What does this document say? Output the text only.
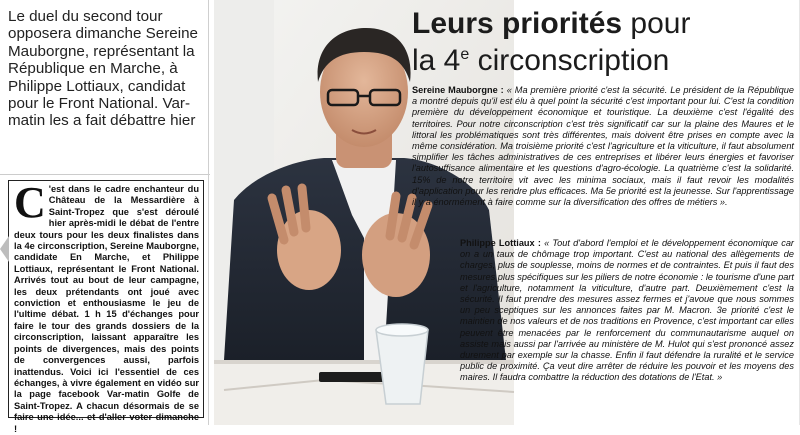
Le duel du second tour opposera dimanche Sereine Mauborgne, représentant la République en Marche, à Philippe Lottiaux, candidat pour le Front National. Var-matin les a fait débattre hier

C 'est dans le cadre enchanteur du Château de la Messardière à Saint-Tropez que s'est déroulé hier après-midi le débat de l'entre deux tours pour les deux finalistes dans la 4e circonscription, Sereine Mauborgne, candidate En Marche, et Philippe Lottiaux, représentant le Front National. Arrivés tout au bout de leur campagne, les deux prétendants ont joué avec conviction et enthousiasme le jeu de l'ultime débat. 1 h 15 d'échanges pour faire le tour des grands dossiers de la circonscription, laissant apparaître les points de divergences, mais des points de convergences aussi, parfois inattendus. Voici ici l'essentiel de ces échanges, à vivre également en vidéo sur la page facebook Var-matin Golfe de Saint-Tropez. A chacun désormais de se faire une idée... et d'aller voter dimanche !

Leurs priorités pour
la 4e circonscription

Sereine Mauborgne : « Ma première priorité c'est la sécurité. Le président de la République a montré depuis qu'il est élu à quel point la sécurité c'est important pour lui. C'est la condition première du développement économique et touristique. La deuxième c'est l'égalité des territoires. Pour notre circonscription c'est très significatif car sur la plaine des Maures et le littoral les problématiques sont très différentes, mais doivent être prises en compte avec la même considération. Ma troisième priorité c'est l'agriculture et la viticulture, il faut absolument simplifier les tâches administratives de ces entreprises et libérer leurs énergies et favoriser l'autosuffisance alimentaire et les questions d'agro-écologie. La quatrième c'est la solidarité. 15% de notre territoire vit avec les minima sociaux, mais il faut revoir les modalités d'application pour les rendre plus efficaces. Ma 5e priorité est la jeunesse. Sur l'apprentissage il y a énormément à faire comme sur la diversification des offres de métiers ».

Philippe Lottiaux : « Tout d'abord l'emploi et le développement économique car on a un taux de chômage trop important. C'est au national des allègements de charges, plus de souplesse, moins de normes et de contraintes. Et puis il faut des mesures plus spécifiques sur les piliers de notre économie : le tourisme d'une part et l'agriculture, notamment la viticulture, d'autre part. Deuxièmement c'est la sécurité. Il faut prendre des mesures assez fermes et j'avoue que nous sommes un peu sceptiques sur les annonces faites par M. Macron. 3e priorité c'est le maintien de nos valeurs et de nos traditions en Provence, c'est important car elles peuvent être menacées par le renforcement du communautarisme auquel on assiste mais aussi par l'arrivée au ministère de M. Hulot qui s'est prononcé assez durement par exemple sur la chasse. Enfin il faut défendre la ruralité et le service public de proximité. Ça veut dire arrêter de réduire les pouvoir et les moyens des maires. Il faudra combattre la réduction des dotations de l'Etat. »
